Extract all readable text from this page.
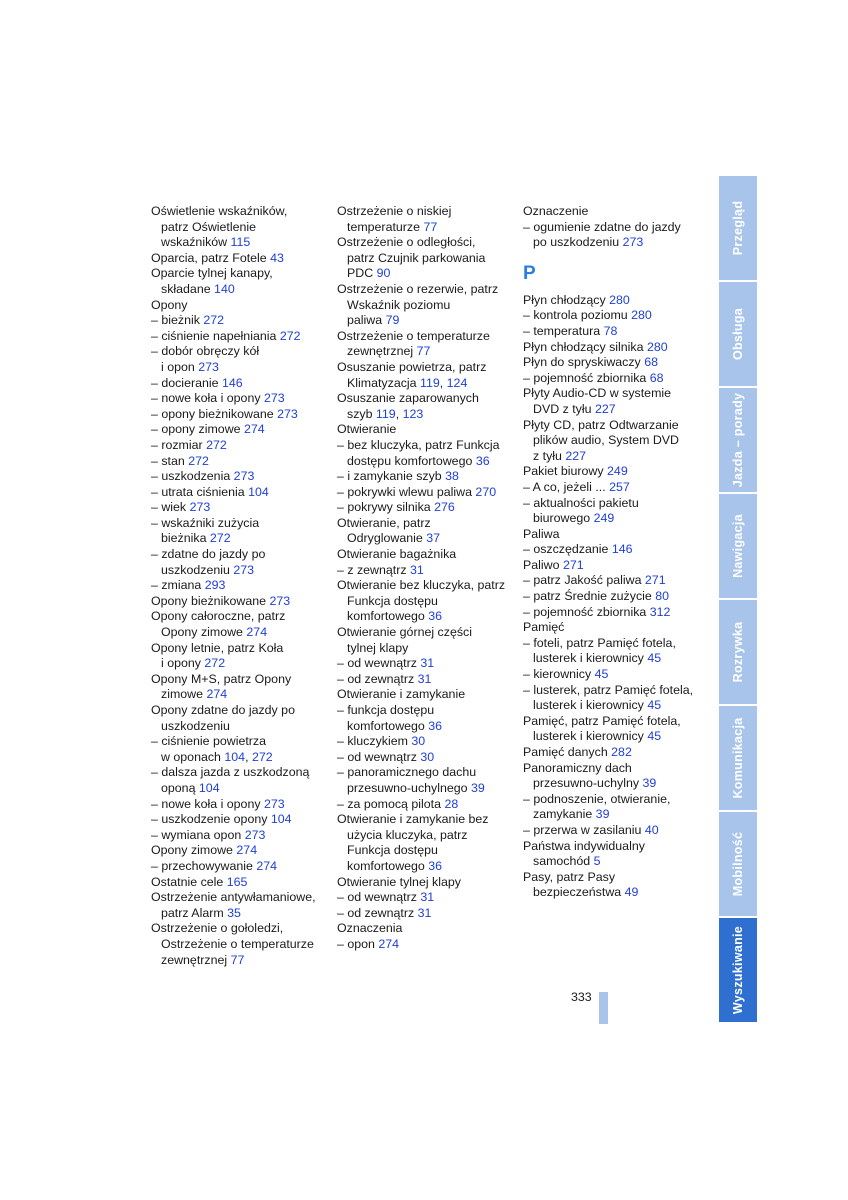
Oświetlenie wskaźników,
patrz Oświetlenie
wskaźników 115
Oparcia, patrz Fotele 43
Oparcie tylnej kanapy,
składane 140
Opony
– bieżnik 272
– ciśnienie napełniania 272
– dobór obręczy kół
i opon 273
– docieranie 146
– nowe koła i opony 273
– opony bieżnikowane 273
– opony zimowe 274
– rozmiar 272
– stan 272
– uszkodzenia 273
– utrata ciśnienia 104
– wiek 273
– wskaźniki zużycia
bieżnika 272
– zdatne do jazdy po
uszkodzeniu 273
– zmiana 293
Opony bieżnikowane 273
Opony całoroczne, patrz
Opony zimowe 274
Opony letnie, patrz Koła
i opony 272
Opony M+S, patrz Opony
zimowe 274
Opony zdatne do jazdy po
uszkodzeniu
– ciśnienie powietrza
w oponach 104, 272
– dalsza jazda z uszkodzoną
oponą 104
– nowe koła i opony 273
– uszkodzenie opony 104
– wymiana opon 273
Opony zimowe 274
– przechowywanie 274
Ostatnie cele 165
Ostrzeżenie antywłamaniowe,
patrz Alarm 35
Ostrzeżenie o gołoledzi,
Ostrzeżenie o temperaturze
zewnętrznej 77
Ostrzeżenie o niskiej
temperaturze 77
Ostrzeżenie o odległości,
patrz Czujnik parkowania
PDC 90
Ostrzeżenie o rezerwie, patrz
Wskaźnik poziomu
paliwa 79
Ostrzeżenie o temperaturze
zewnętrznej 77
Osuszanie powietrza, patrz
Klimatyzacja 119, 124
Osuszanie zaparowanych
szyb 119, 123
Otwieranie
– bez kluczyka, patrz Funkcja
dostępu komfortowego 36
– i zamykanie szyb 38
– pokrywki wlewu paliwa 270
– pokrywy silnika 276
Otwieranie, patrz
Odryglowanie 37
Otwieranie bagażnika
– z zewnątrz 31
Otwieranie bez kluczyka, patrz
Funkcja dostępu
komfortowego 36
Otwieranie górnej części
tylnej klapy
– od wewnątrz 31
– od zewnątrz 31
Otwieranie i zamykanie
– funkcja dostępu
komfortowego 36
– kluczykiem 30
– od wewnątrz 30
– panoramicznego dachu
przesuwno-uchylnego 39
– za pomocą pilota 28
Otwieranie i zamykanie bez
użycia kluczyka, patrz
Funkcja dostępu
komfortowego 36
Otwieranie tylnej klapy
– od wewnątrz 31
– od zewnątrz 31
Oznaczenia
– opon 274
Oznaczenie
– ogumienie zdatne do jazdy
po uszkodzeniu 273
P
Płyn chłodzący 280
– kontrola poziomu 280
– temperatura 78
Płyn chłodzący silnika 280
Płyn do spryskiwaczy 68
– pojemność zbiornika 68
Płyty Audio-CD w systemie
DVD z tyłu 227
Płyty CD, patrz Odtwarzanie
plików audio, System DVD
z tyłu 227
Pakiet biurowy 249
– A co, jeżeli ... 257
– aktualności pakietu
biurowego 249
Paliwa
– oszczędzanie 146
Paliwo 271
– patrz Jakość paliwa 271
– patrz Średnie zużycie 80
– pojemność zbiornika 312
Pamięć
– foteli, patrz Pamięć fotela,
lusterek i kierownicy 45
– kierownicy 45
– lusterek, patrz Pamięć fotela,
lusterek i kierownicy 45
Pamięć, patrz Pamięć fotela,
lusterek i kierownicy 45
Pamięć danych 282
Panoramiczny dach
przesuwno-uchylny 39
– podnoszenie, otwieranie,
zamykanie 39
– przerwa w zasilaniu 40
Państwa indywidualny
samochód 5
Pasy, patrz Pasy
bezpieczeństwa 49
Przegląd
Obsługa
Jazda – porady
Nawigacja
Rozrywka
Komunikacja
Mobilność
Wyszukiwanie
333
